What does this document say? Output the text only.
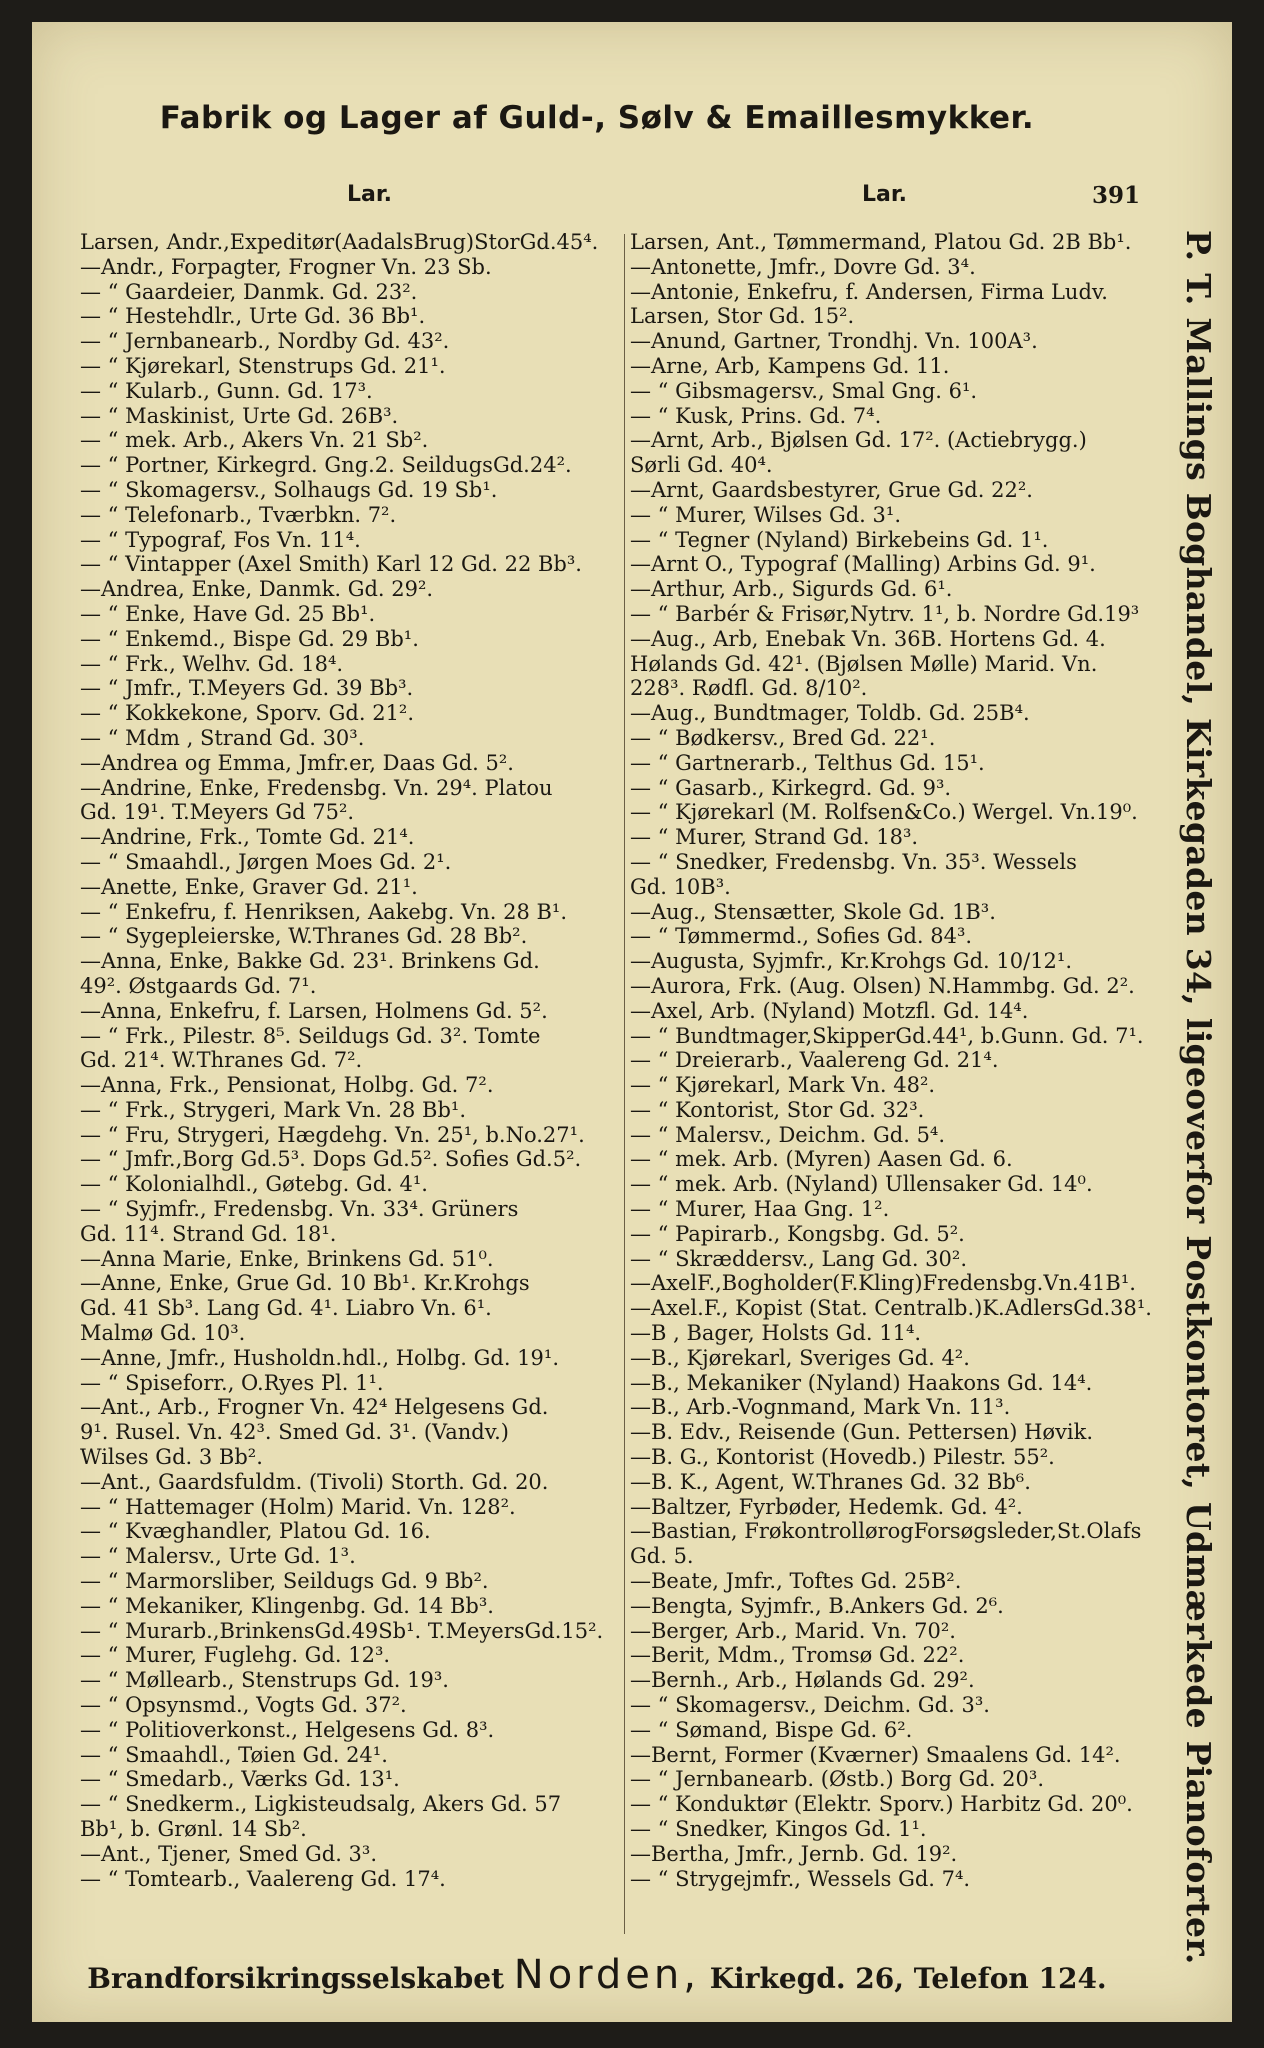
Fabrik og Lager af Guld-, Sølv & Emaillesmykker.
Lar.	Lar.	391
Larsen, Andr.,Expeditør(AadalsBrug)StorGd.45⁴.
—Andr., Forpagter, Frogner Vn. 23 Sb.
— “ Gaardeier, Danmk. Gd. 23².
— “ Hestehdlr., Urte Gd. 36 Bb¹.
— “ Jernbanearb., Nordby Gd. 43².
— “ Kjørekarl, Stenstrups Gd. 21¹.
— “ Kularb., Gunn. Gd. 17³.
— “ Maskinist, Urte Gd. 26B³.
— “ mek. Arb., Akers Vn. 21 Sb².
— “ Portner, Kirkegrd. Gng.2. SeildugsGd.24².
— “ Skomagersv., Solhaugs Gd. 19 Sb¹.
— “ Telefonarb., Tværbkn. 7².
— “ Typograf, Fos Vn. 11⁴.
— “ Vintapper (Axel Smith) Karl 12 Gd. 22 Bb³.
—Andrea, Enke, Danmk. Gd. 29².
— “ Enke, Have Gd. 25 Bb¹.
— “ Enkemd., Bispe Gd. 29 Bb¹.
— “ Frk., Welhv. Gd. 18⁴.
— “ Jmfr., T.Meyers Gd. 39 Bb³.
— “ Kokkekone, Sporv. Gd. 21².
— “ Mdm , Strand Gd. 30³.
—Andrea og Emma, Jmfr.er, Daas Gd. 5².
—Andrine, Enke, Fredensbg. Vn. 29⁴. Platou
Gd. 19¹. T.Meyers Gd 75².
—Andrine, Frk., Tomte Gd. 21⁴.
— “ Smaahdl., Jørgen Moes Gd. 2¹.
—Anette, Enke, Graver Gd. 21¹.
— “ Enkefru, f. Henriksen, Aakebg. Vn. 28 B¹.
— “ Sygepleierske, W.Thranes Gd. 28 Bb².
—Anna, Enke, Bakke Gd. 23¹. Brinkens Gd.
49². Østgaards Gd. 7¹.
—Anna, Enkefru, f. Larsen, Holmens Gd. 5².
— “ Frk., Pilestr. 8⁵. Seildugs Gd. 3². Tomte
Gd. 21⁴. W.Thranes Gd. 7².
—Anna, Frk., Pensionat, Holbg. Gd. 7².
— “ Frk., Strygeri, Mark Vn. 28 Bb¹.
— “ Fru, Strygeri, Hægdehg. Vn. 25¹, b.No.27¹.
— “ Jmfr.,Borg Gd.5³. Dops Gd.5². Sofies Gd.5².
— “ Kolonialhdl., Gøtebg. Gd. 4¹.
— “ Syjmfr., Fredensbg. Vn. 33⁴. Grüners
Gd. 11⁴. Strand Gd. 18¹.
—Anna Marie, Enke, Brinkens Gd. 51⁰.
—Anne, Enke, Grue Gd. 10 Bb¹. Kr.Krohgs
Gd. 41 Sb³. Lang Gd. 4¹. Liabro Vn. 6¹.
Malmø Gd. 10³.
—Anne, Jmfr., Husholdn.hdl., Holbg. Gd. 19¹.
— “ Spiseforr., O.Ryes Pl. 1¹.
—Ant., Arb., Frogner Vn. 42⁴ Helgesens Gd.
9¹. Rusel. Vn. 42³. Smed Gd. 3¹. (Vandv.)
Wilses Gd. 3 Bb².
—Ant., Gaardsfuldm. (Tivoli) Storth. Gd. 20.
— “ Hattemager (Holm) Marid. Vn. 128².
— “ Kvæghandler, Platou Gd. 16.
— “ Malersv., Urte Gd. 1³.
— “ Marmorsliber, Seildugs Gd. 9 Bb².
— “ Mekaniker, Klingenbg. Gd. 14 Bb³.
— “ Murarb.,BrinkensGd.49Sb¹. T.MeyersGd.15².
— “ Murer, Fuglehg. Gd. 12³.
— “ Møllearb., Stenstrups Gd. 19³.
— “ Opsynsmd., Vogts Gd. 37².
— “ Politioverkonst., Helgesens Gd. 8³.
— “ Smaahdl., Tøien Gd. 24¹.
— “ Smedarb., Værks Gd. 13¹.
— “ Snedkerm., Ligkisteudsalg, Akers Gd. 57
Bb¹, b. Grønl. 14 Sb².
—Ant., Tjener, Smed Gd. 3³.
— “ Tomtearb., Vaalereng Gd. 17⁴.
Larsen, Ant., Tømmermand, Platou Gd. 2B Bb¹.
—Antonette, Jmfr., Dovre Gd. 3⁴.
—Antonie, Enkefru, f. Andersen, Firma Ludv.
Larsen, Stor Gd. 15².
—Anund, Gartner, Trondhj. Vn. 100A³.
—Arne, Arb, Kampens Gd. 11.
— “ Gibsmagersv., Smal Gng. 6¹.
— “ Kusk, Prins. Gd. 7⁴.
—Arnt, Arb., Bjølsen Gd. 17². (Actiebrygg.)
Sørli Gd. 40⁴.
—Arnt, Gaardsbestyrer, Grue Gd. 22².
— “ Murer, Wilses Gd. 3¹.
— “ Tegner (Nyland) Birkebeins Gd. 1¹.
—Arnt O., Typograf (Malling) Arbins Gd. 9¹.
—Arthur, Arb., Sigurds Gd. 6¹.
— “ Barbér & Frisør,Nytrv. 1¹, b. Nordre Gd.19³
—Aug., Arb, Enebak Vn. 36B. Hortens Gd. 4.
Hølands Gd. 42¹. (Bjølsen Mølle) Marid. Vn.
228³. Rødfl. Gd. 8/10².
—Aug., Bundtmager, Toldb. Gd. 25B⁴.
— “ Bødkersv., Bred Gd. 22¹.
— “ Gartnerarb., Telthus Gd. 15¹.
— “ Gasarb., Kirkegrd. Gd. 9³.
— “ Kjørekarl (M. Rolfsen&Co.) Wergel. Vn.19⁰.
— “ Murer, Strand Gd. 18³.
— “ Snedker, Fredensbg. Vn. 35³. Wessels
Gd. 10B³.
—Aug., Stensætter, Skole Gd. 1B³.
— “ Tømmermd., Sofies Gd. 84³.
—Augusta, Syjmfr., Kr.Krohgs Gd. 10/12¹.
—Aurora, Frk. (Aug. Olsen) N.Hammbg. Gd. 2².
—Axel, Arb. (Nyland) Motzfl. Gd. 14⁴.
— “ Bundtmager,SkipperGd.44¹, b.Gunn. Gd. 7¹.
— “ Dreierarb., Vaalereng Gd. 21⁴.
— “ Kjørekarl, Mark Vn. 48².
— “ Kontorist, Stor Gd. 32³.
— “ Malersv., Deichm. Gd. 5⁴.
— “ mek. Arb. (Myren) Aasen Gd. 6.
— “ mek. Arb. (Nyland) Ullensaker Gd. 14⁰.
— “ Murer, Haa Gng. 1².
— “ Papirarb., Kongsbg. Gd. 5².
— “ Skræddersv., Lang Gd. 30².
—AxelF.,Bogholder(F.Kling)Fredensbg.Vn.41B¹.
—Axel.F., Kopist (Stat. Centralb.)K.AdlersGd.38¹.
—B , Bager, Holsts Gd. 11⁴.
—B., Kjørekarl, Sveriges Gd. 4².
—B., Mekaniker (Nyland) Haakons Gd. 14⁴.
—B., Arb.-Vognmand, Mark Vn. 11³.
—B. Edv., Reisende (Gun. Pettersen) Høvik.
—B. G., Kontorist (Hovedb.) Pilestr. 55².
—B. K., Agent, W.Thranes Gd. 32 Bb⁶.
—Baltzer, Fyrbøder, Hedemk. Gd. 4².
—Bastian, FrøkontrollørogForsøgsleder,St.Olafs
Gd. 5.
—Beate, Jmfr., Toftes Gd. 25B².
—Bengta, Syjmfr., B.Ankers Gd. 2⁶.
—Berger, Arb., Marid. Vn. 70².
—Berit, Mdm., Tromsø Gd. 22².
—Bernh., Arb., Hølands Gd. 29².
— “ Skomagersv., Deichm. Gd. 3³.
— “ Sømand, Bispe Gd. 6².
—Bernt, Former (Kværner) Smaalens Gd. 14².
— “ Jernbanearb. (Østb.) Borg Gd. 20³.
— “ Konduktør (Elektr. Sporv.) Harbitz Gd. 20⁰.
— “ Snedker, Kingos Gd. 1¹.
—Bertha, Jmfr., Jernb. Gd. 19².
— “ Strygejmfr., Wessels Gd. 7⁴.	P. T. Mallings Boghandel, Kirkegaden 34, ligeoverfor Postkontoret, Udmærkede Pianoforter.
Brandforsikringsselskabet Norden, Kirkegd. 26, Telefon 124.
